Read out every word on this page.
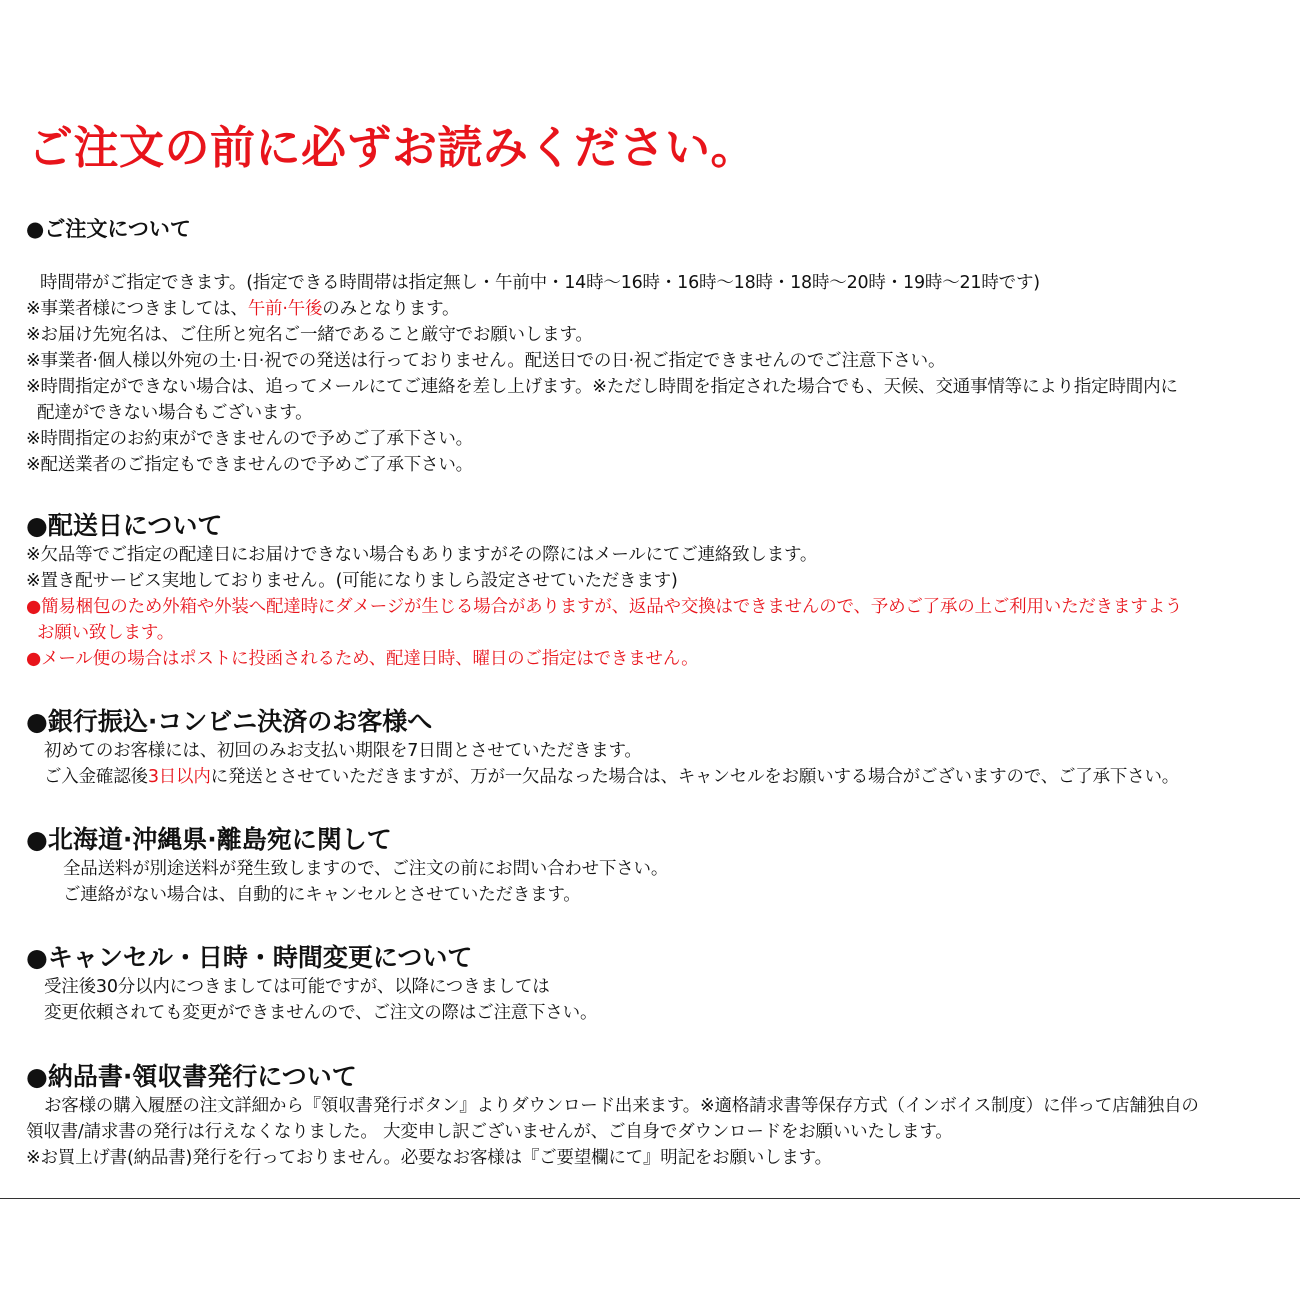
ご注文の前に必ずお読みください。
●ご注文について

時間帯がご指定できます。(指定できる時間帯は指定無し・午前中・14時〜16時・16時〜18時・18時〜20時・19時〜21時です)

※事業者様につきましては、午前·午後のみとなります。

※お届け先宛名は、ご住所と宛名ご一緒であること厳守でお願いします。

※事業者·個人様以外宛の土·日·祝での発送は行っておりません。配送日での日·祝ご指定できませんのでご注意下さい。

※時間指定ができない場合は、追ってメールにてご連絡を差し上げます。※ただし時間を指定された場合でも、天候、交通事情等により指定時間内に

配達ができない場合もございます。

※時間指定のお約束ができませんので予めご了承下さい。

※配送業者のご指定もできませんので予めご了承下さい。

●配送日について

※欠品等でご指定の配達日にお届けできない場合もありますがその際にはメールにてご連絡致します。

※置き配サービス実地しておりません。(可能になりましら設定させていただきます)

●簡易梱包のため外箱や外装へ配達時にダメージが生じる場合がありますが、返品や交換はできませんので、予めご了承の上ご利用いただきますよう

お願い致します。

●メール便の場合はポストに投函されるため、配達日時、曜日のご指定はできません。

●銀行振込·コンビニ決済のお客様へ

初めてのお客様には、初回のみお支払い期限を7日間とさせていただきます。

ご入金確認後3日以内に発送とさせていただきますが、万が一欠品なった場合は、キャンセルをお願いする場合がございますので、ご了承下さい。

●北海道·沖縄県·離島宛に関して

全品送料が別途送料が発生致しますので、ご注文の前にお問い合わせ下さい。

ご連絡がない場合は、自動的にキャンセルとさせていただきます。

●キャンセル・日時・時間変更について

受注後30分以内につきましては可能ですが、以降につきましては

変更依頼されても変更ができませんので、ご注文の際はご注意下さい。

●納品書·領収書発行について

お客様の購入履歴の注文詳細から『領収書発行ボタン』よりダウンロード出来ます。※適格請求書等保存方式（インボイス制度）に伴って店舗独自の

領収書/請求書の発行は行えなくなりました。 大変申し訳ございませんが、ご自身でダウンロードをお願いいたします。

※お買上げ書(納品書)発行を行っておりません。必要なお客様は『ご要望欄にて』明記をお願いします。
